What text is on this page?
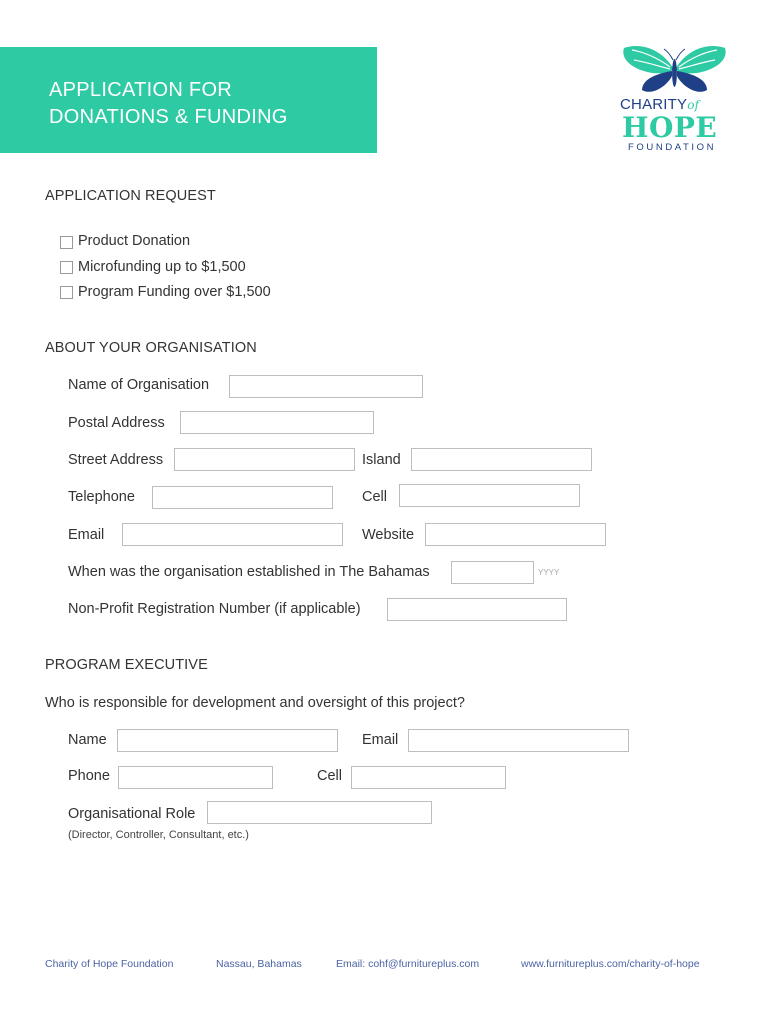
APPLICATION FOR
DONATIONS & FUNDING
CHARITYof
HOPE
FOUNDATION
APPLICATION REQUEST
Product Donation
Microfunding up to $1,500
Program Funding over $1,500
ABOUT YOUR ORGANISATION
Name of Organisation
Postal Address
Street Address	Island
Telephone	Cell
Email	Website
When was the organisation established in The Bahamas	YYYY
Non-Profit Registration Number (if applicable)
PROGRAM EXECUTIVE
Who is responsible for development and oversight of this project?
Name	Email
Phone	Cell
Organisational Role
(Director, Controller, Consultant, etc.)
Charity of Hope Foundation	Nassau, Bahamas	Email: cohf@furnitureplus.com	www.furnitureplus.com/charity-of-hope
